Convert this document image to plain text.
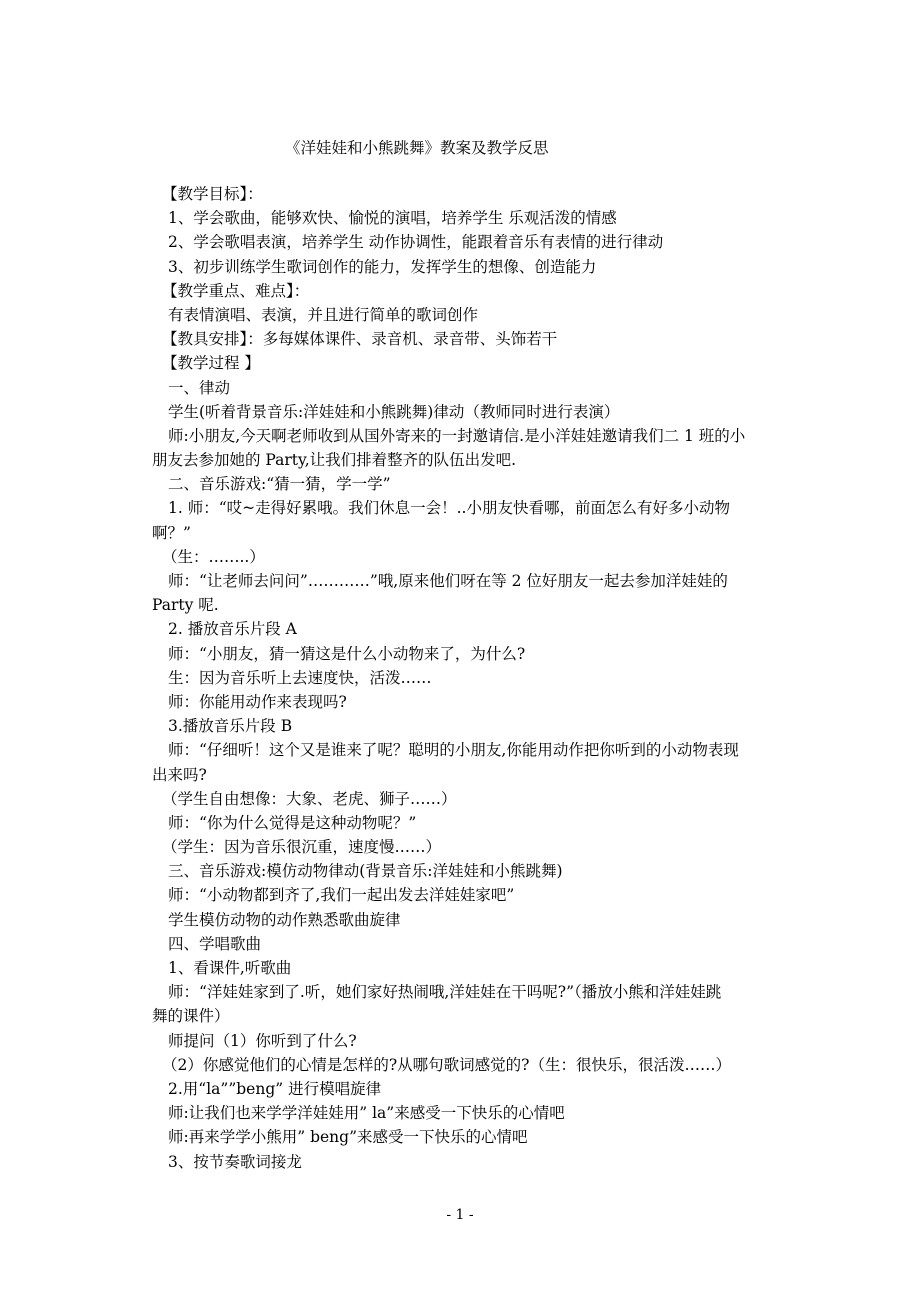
《洋娃娃和小熊跳舞》教案及教学反思
【教学目标】：
1、学会歌曲，能够欢快、愉悦的演唱，培养学生 乐观活泼的情感
2、学会歌唱表演，培养学生 动作协调性，能跟着音乐有表情的进行律动
3、初步训练学生歌词创作的能力，发挥学生的想像、创造能力
【教学重点、难点】：
有表情演唱、表演，并且进行简单的歌词创作
【教具安排】：多每媒体课件、录音机、录音带、头饰若干
【教学过程 】
一、律动
学生(听着背景音乐:洋娃娃和小熊跳舞)律动（教师同时进行表演）
师:小朋友,今天啊老师收到从国外寄来的一封邀请信.是小洋娃娃邀请我们二 1 班的小
朋友去参加她的 Party,让我们排着整齐的队伍出发吧.
二、音乐游戏:“猜一猜，学一学”
1. 师：“哎~走得好累哦。我们休息一会！..小朋友快看哪，前面怎么有好多小动物
啊？”
（生：……..）
师：“让老师去问问”…………”哦,原来他们呀在等 2 位好朋友一起去参加洋娃娃的
Party 呢.
2. 播放音乐片段 A
师：“小朋友，猜一猜这是什么小动物来了，为什么?
生：因为音乐听上去速度快，活泼……
师：你能用动作来表现吗?
3.播放音乐片段 B
师：“仔细听！这个又是谁来了呢？聪明的小朋友,你能用动作把你听到的小动物表现
出来吗?
（学生自由想像：大象、老虎、狮子……）
师：“你为什么觉得是这种动物呢？”
（学生：因为音乐很沉重，速度慢……）
三、音乐游戏:模仿动物律动(背景音乐:洋娃娃和小熊跳舞)
师：“小动物都到齐了,我们一起出发去洋娃娃家吧”
学生模仿动物的动作熟悉歌曲旋律
四、学唱歌曲
1、看课件,听歌曲
师：“洋娃娃家到了.听，她们家好热闹哦,洋娃娃在干吗呢?”（播放小熊和洋娃娃跳
舞的课件）
师提问（1）你听到了什么?
（2）你感觉他们的心情是怎样的?从哪句歌词感觉的?（生：很快乐，很活泼……）
2.用“la””beng” 进行模唱旋律
师:让我们也来学学洋娃娃用” la”来感受一下快乐的心情吧
师:再来学学小熊用” beng”来感受一下快乐的心情吧
3、按节奏歌词接龙
- 1 -
